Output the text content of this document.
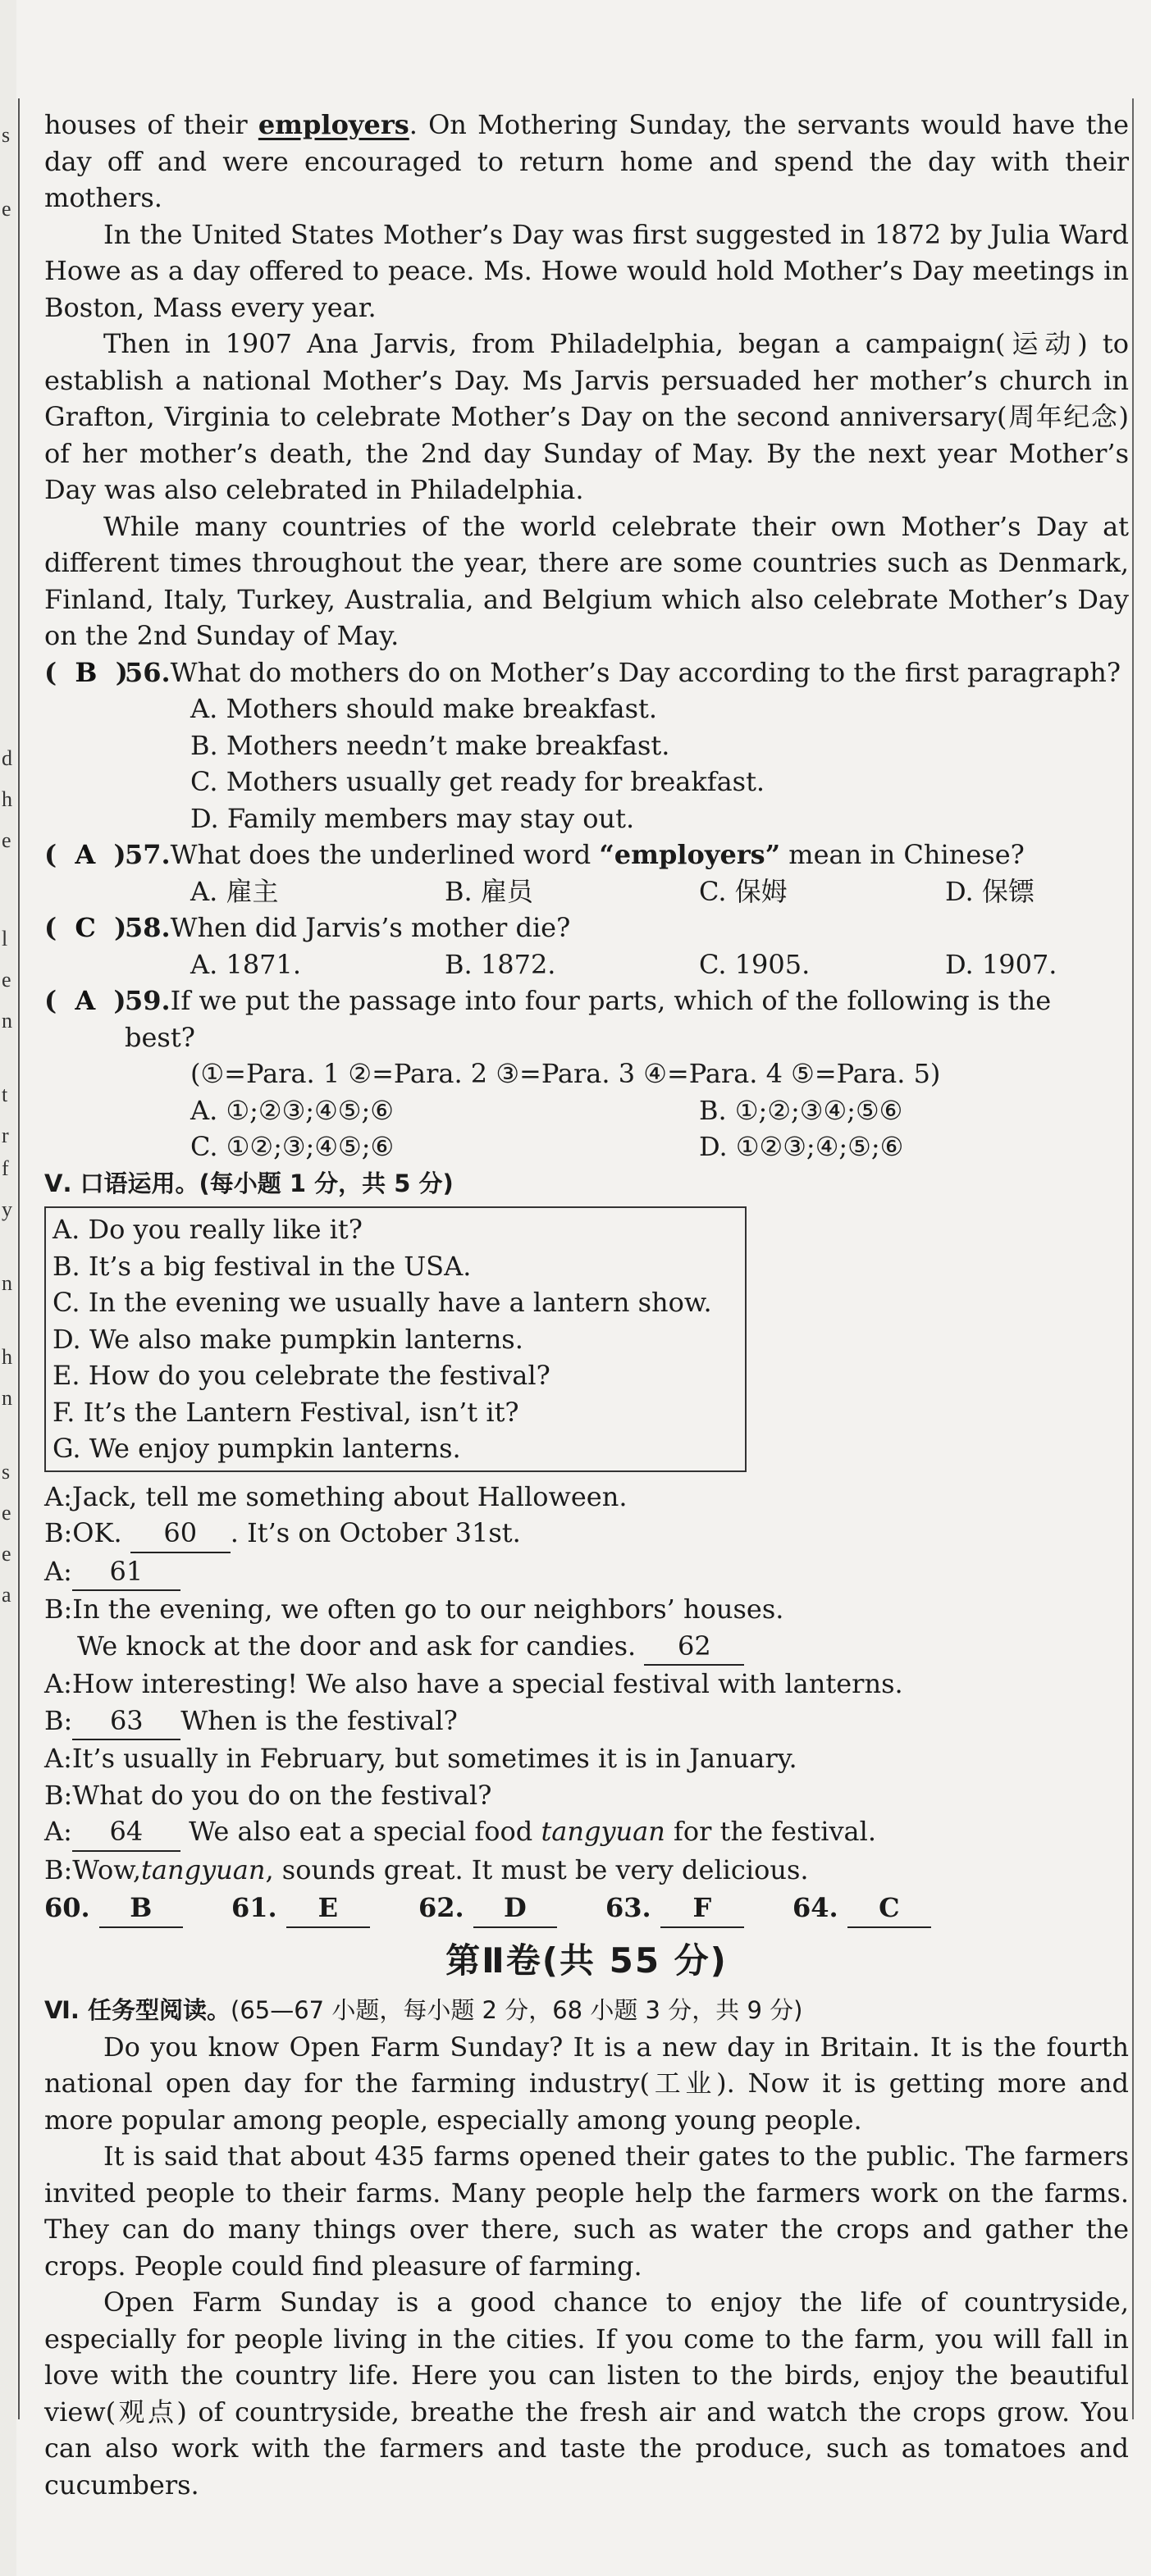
s
e
d
h
e
l
e
n
t
r
f
y
n
h
n
s
e
e
a

houses of their employers. On Mothering Sunday, the servants would have the day off and were encouraged to return home and spend the day with their mothers.

In the United States Mother’s Day was first suggested in 1872 by Julia Ward Howe as a day offered to peace. Ms. Howe would hold Mother’s Day meetings in Boston, Mass every year.

Then in 1907 Ana Jarvis, from Philadelphia, began a campaign(运动) to establish a national Mother’s Day. Ms Jarvis persuaded her mother’s church in Grafton, Virginia to celebrate Mother’s Day on the second anniversary(周年纪念) of her mother’s death, the 2nd day Sunday of May. By the next year Mother’s Day was also celebrated in Philadelphia.

While many countries of the world celebrate their own Mother’s Day at different times throughout the year, there are some countries such as Denmark, Finland, Italy, Turkey, Australia, and Belgium which also celebrate Mother’s Day on the 2nd Sunday of May.

( B )
56.What do mothers do on Mother’s Day according to the first paragraph?
A. Mothers should make breakfast.
B. Mothers needn’t make breakfast.
C. Mothers usually get ready for breakfast.
D. Family members may stay out.
( A )
57.What does the underlined word “employers” mean in Chinese?
A. 雇主	B. 雇员	C. 保姆	D. 保镖
( C )
58.When did Jarvis’s mother die?
A. 1871.	B. 1872.	C. 1905.	D. 1907.
( A )
59.If we put the passage into four parts, which of the following is the best?
(①=Para. 1 ②=Para. 2 ③=Para. 3 ④=Para. 4 ⑤=Para. 5)
A. ①;②③;④⑤;⑥	B. ①;②;③④;⑤⑥
C. ①②;③;④⑤;⑥	D. ①②③;④;⑤;⑥
Ⅴ. 口语运用。(每小题 1 分，共 5 分)
A. Do you really like it?
B. It’s a big festival in the USA.
C. In the evening we usually have a lantern show.
D. We also make pumpkin lanterns.
E. How do you celebrate the festival?
F. It’s the Lantern Festival, isn’t it?
G. We enjoy pumpkin lanterns.
A:Jack, tell me something about Halloween.
B:OK. 60 . It’s on October 31st.
A: 61
B:In the evening, we often go to our neighbors’ houses.
We knock at the door and ask for candies. 62
A:How interesting! We also have a special festival with lanterns.
B: 63 When is the festival?
A:It’s usually in February, but sometimes it is in January.
B:What do you do on the festival?
A: 64 We also eat a special food tangyuan for the festival.
B:Wow,tangyuan, sounds great. It must be very delicious.
60. B	61. E	62. D	63. F	64. C
第Ⅱ卷(共 55 分)
Ⅵ. 任务型阅读。(65—67 小题，每小题 2 分，68 小题 3 分，共 9 分)

Do you know Open Farm Sunday? It is a new day in Britain. It is the fourth national open day for the farming industry(工业). Now it is getting more and more popular among people, especially among young people.

It is said that about 435 farms opened their gates to the public. The farmers invited people to their farms. Many people help the farmers work on the farms. They can do many things over there, such as water the crops and gather the crops. People could find pleasure of farming.

Open Farm Sunday is a good chance to enjoy the life of countryside, especially for people living in the cities. If you come to the farm, you will fall in love with the country life. Here you can listen to the birds, enjoy the beautiful view(观点) of countryside, breathe the fresh air and watch the crops grow. You can also work with the farmers and taste the produce, such as tomatoes and cucumbers.
